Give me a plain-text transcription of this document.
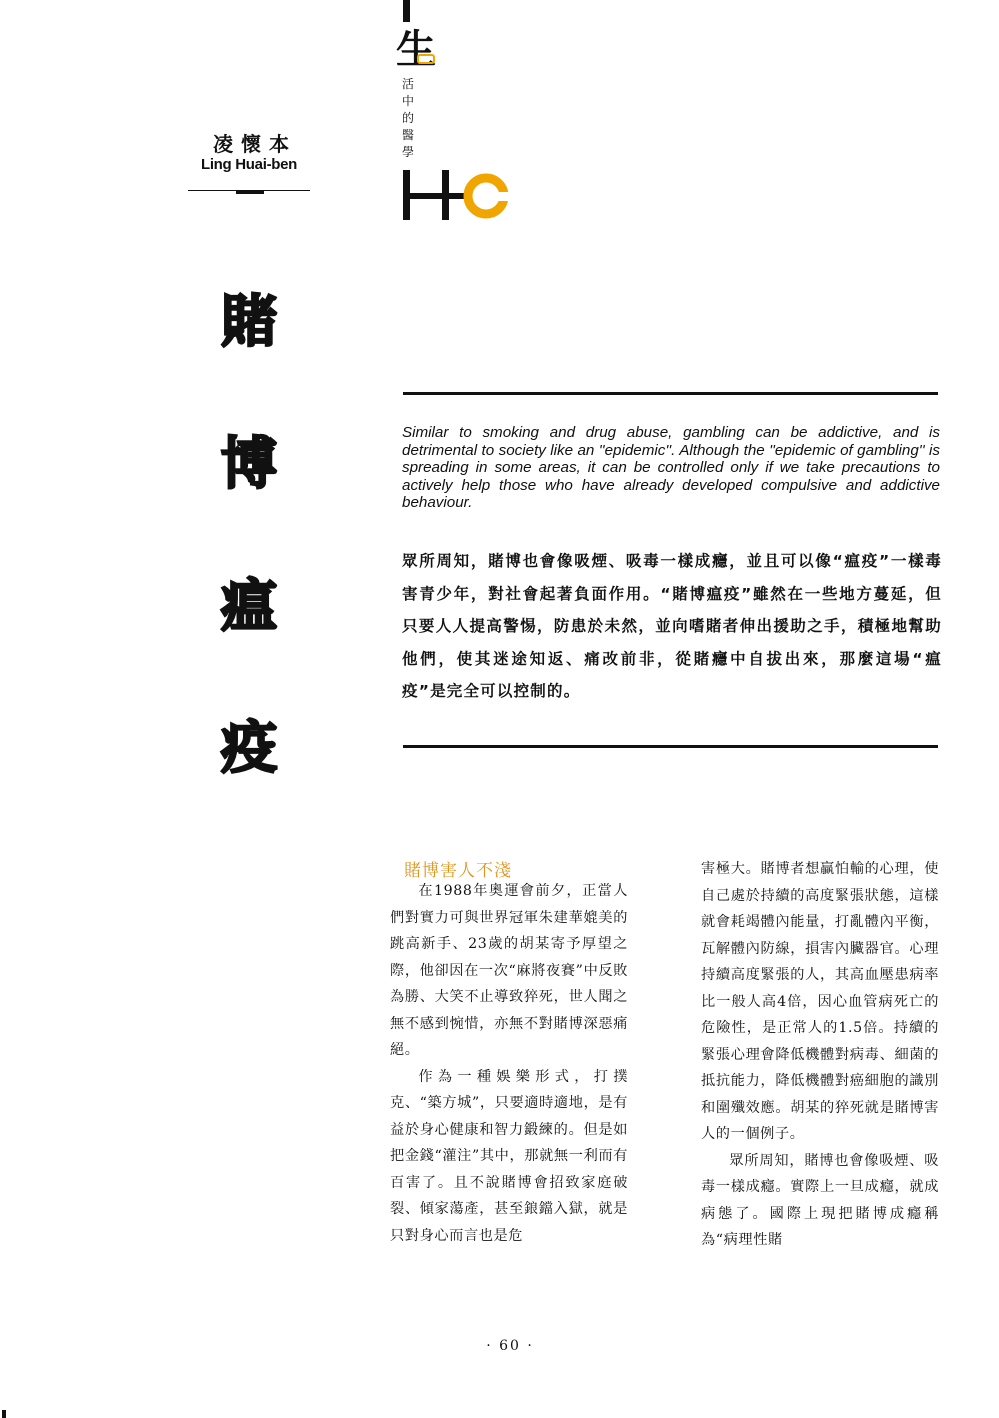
凌懷本
Ling Huai-ben
生
活
中
的
醫
學
賭
博
瘟
疫
Similar to smoking and drug abuse, gambling can be addictive, and is detrimental to society like an ''epidemic''. Although the ''epidemic of gambling'' is spreading in some areas, it can be controlled only if we take precautions to actively help those who have already developed compulsive and addictive behaviour.
眾所周知，賭博也會像吸煙、吸毒一樣成癮，並且可以像“瘟疫”一樣毒害青少年，對社會起著負面作用。“賭博瘟疫”雖然在一些地方蔓延，但只要人人提高警惕，防患於未然，並向嗜賭者伸出援助之手，積極地幫助他們，使其迷途知返、痛改前非，從賭癮中自拔出來，那麼這場“瘟疫”是完全可以控制的。
賭博害人不淺

在1988年奧運會前夕，正當人們對實力可與世界冠軍朱建華媲美的跳高新手、23歲的胡某寄予厚望之際，他卻因在一次“麻將夜賽”中反敗為勝、大笑不止導致猝死，世人聞之無不感到惋惜，亦無不對賭博深惡痛絕。

作為一種娛樂形式，打撲克、“築方城”，只要適時適地，是有益於身心健康和智力鍛練的。但是如把金錢“灌注”其中，那就無一利而有百害了。且不說賭博會招致家庭破裂、傾家蕩產，甚至鋃鐺入獄，就是只對身心而言也是危

害極大。賭博者想贏怕輸的心理，使自己處於持續的高度緊張狀態，這樣就會耗竭體內能量，打亂體內平衡，瓦解體內防線，損害內臟器官。心理持續高度緊張的人，其高血壓患病率比一般人高4倍，因心血管病死亡的危險性，是正常人的1.5倍。持續的緊張心理會降低機體對病毒、細菌的抵抗能力，降低機體對癌細胞的識別和圍殲效應。胡某的猝死就是賭博害人的一個例子。

眾所周知，賭博也會像吸煙、吸毒一樣成癮。實際上一旦成癮，就成病態了。國際上現把賭博成癮稱為“病理性賭

· 60 ·
